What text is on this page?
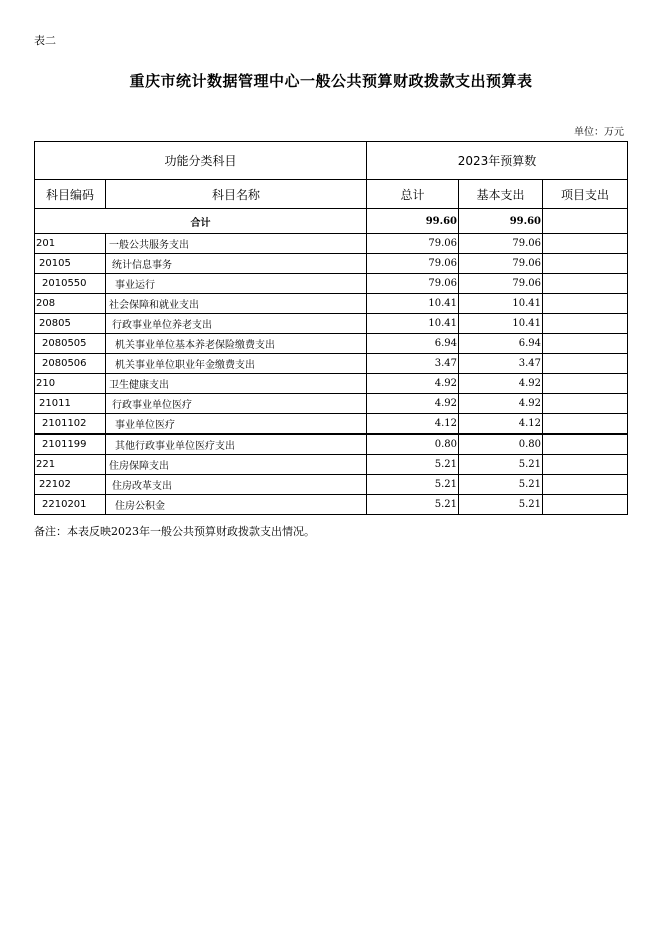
表二
重庆市统计数据管理中心一般公共预算财政拨款支出预算表
单位：万元
功能分类科目		2023年预算数		
科目编码	科目名称	总计	基本支出	项目支出
合计		99.60	99.60	
201	一般公共服务支出	79.06	79.06	
20105	统计信息事务	79.06	79.06	
2010550	事业运行	79.06	79.06	
208	社会保障和就业支出	10.41	10.41	
20805	行政事业单位养老支出	10.41	10.41	
2080505	机关事业单位基本养老保险缴费支出	6.94	6.94	
2080506	机关事业单位职业年金缴费支出	3.47	3.47	
210	卫生健康支出	4.92	4.92	
21011	行政事业单位医疗	4.92	4.92	
2101102	事业单位医疗	4.12	4.12	
2101199	其他行政事业单位医疗支出	0.80	0.80	
221	住房保障支出	5.21	5.21	
22102	住房改革支出	5.21	5.21	
2210201	住房公积金	5.21	5.21	
备注：本表反映2023年一般公共预算财政拨款支出情况。
